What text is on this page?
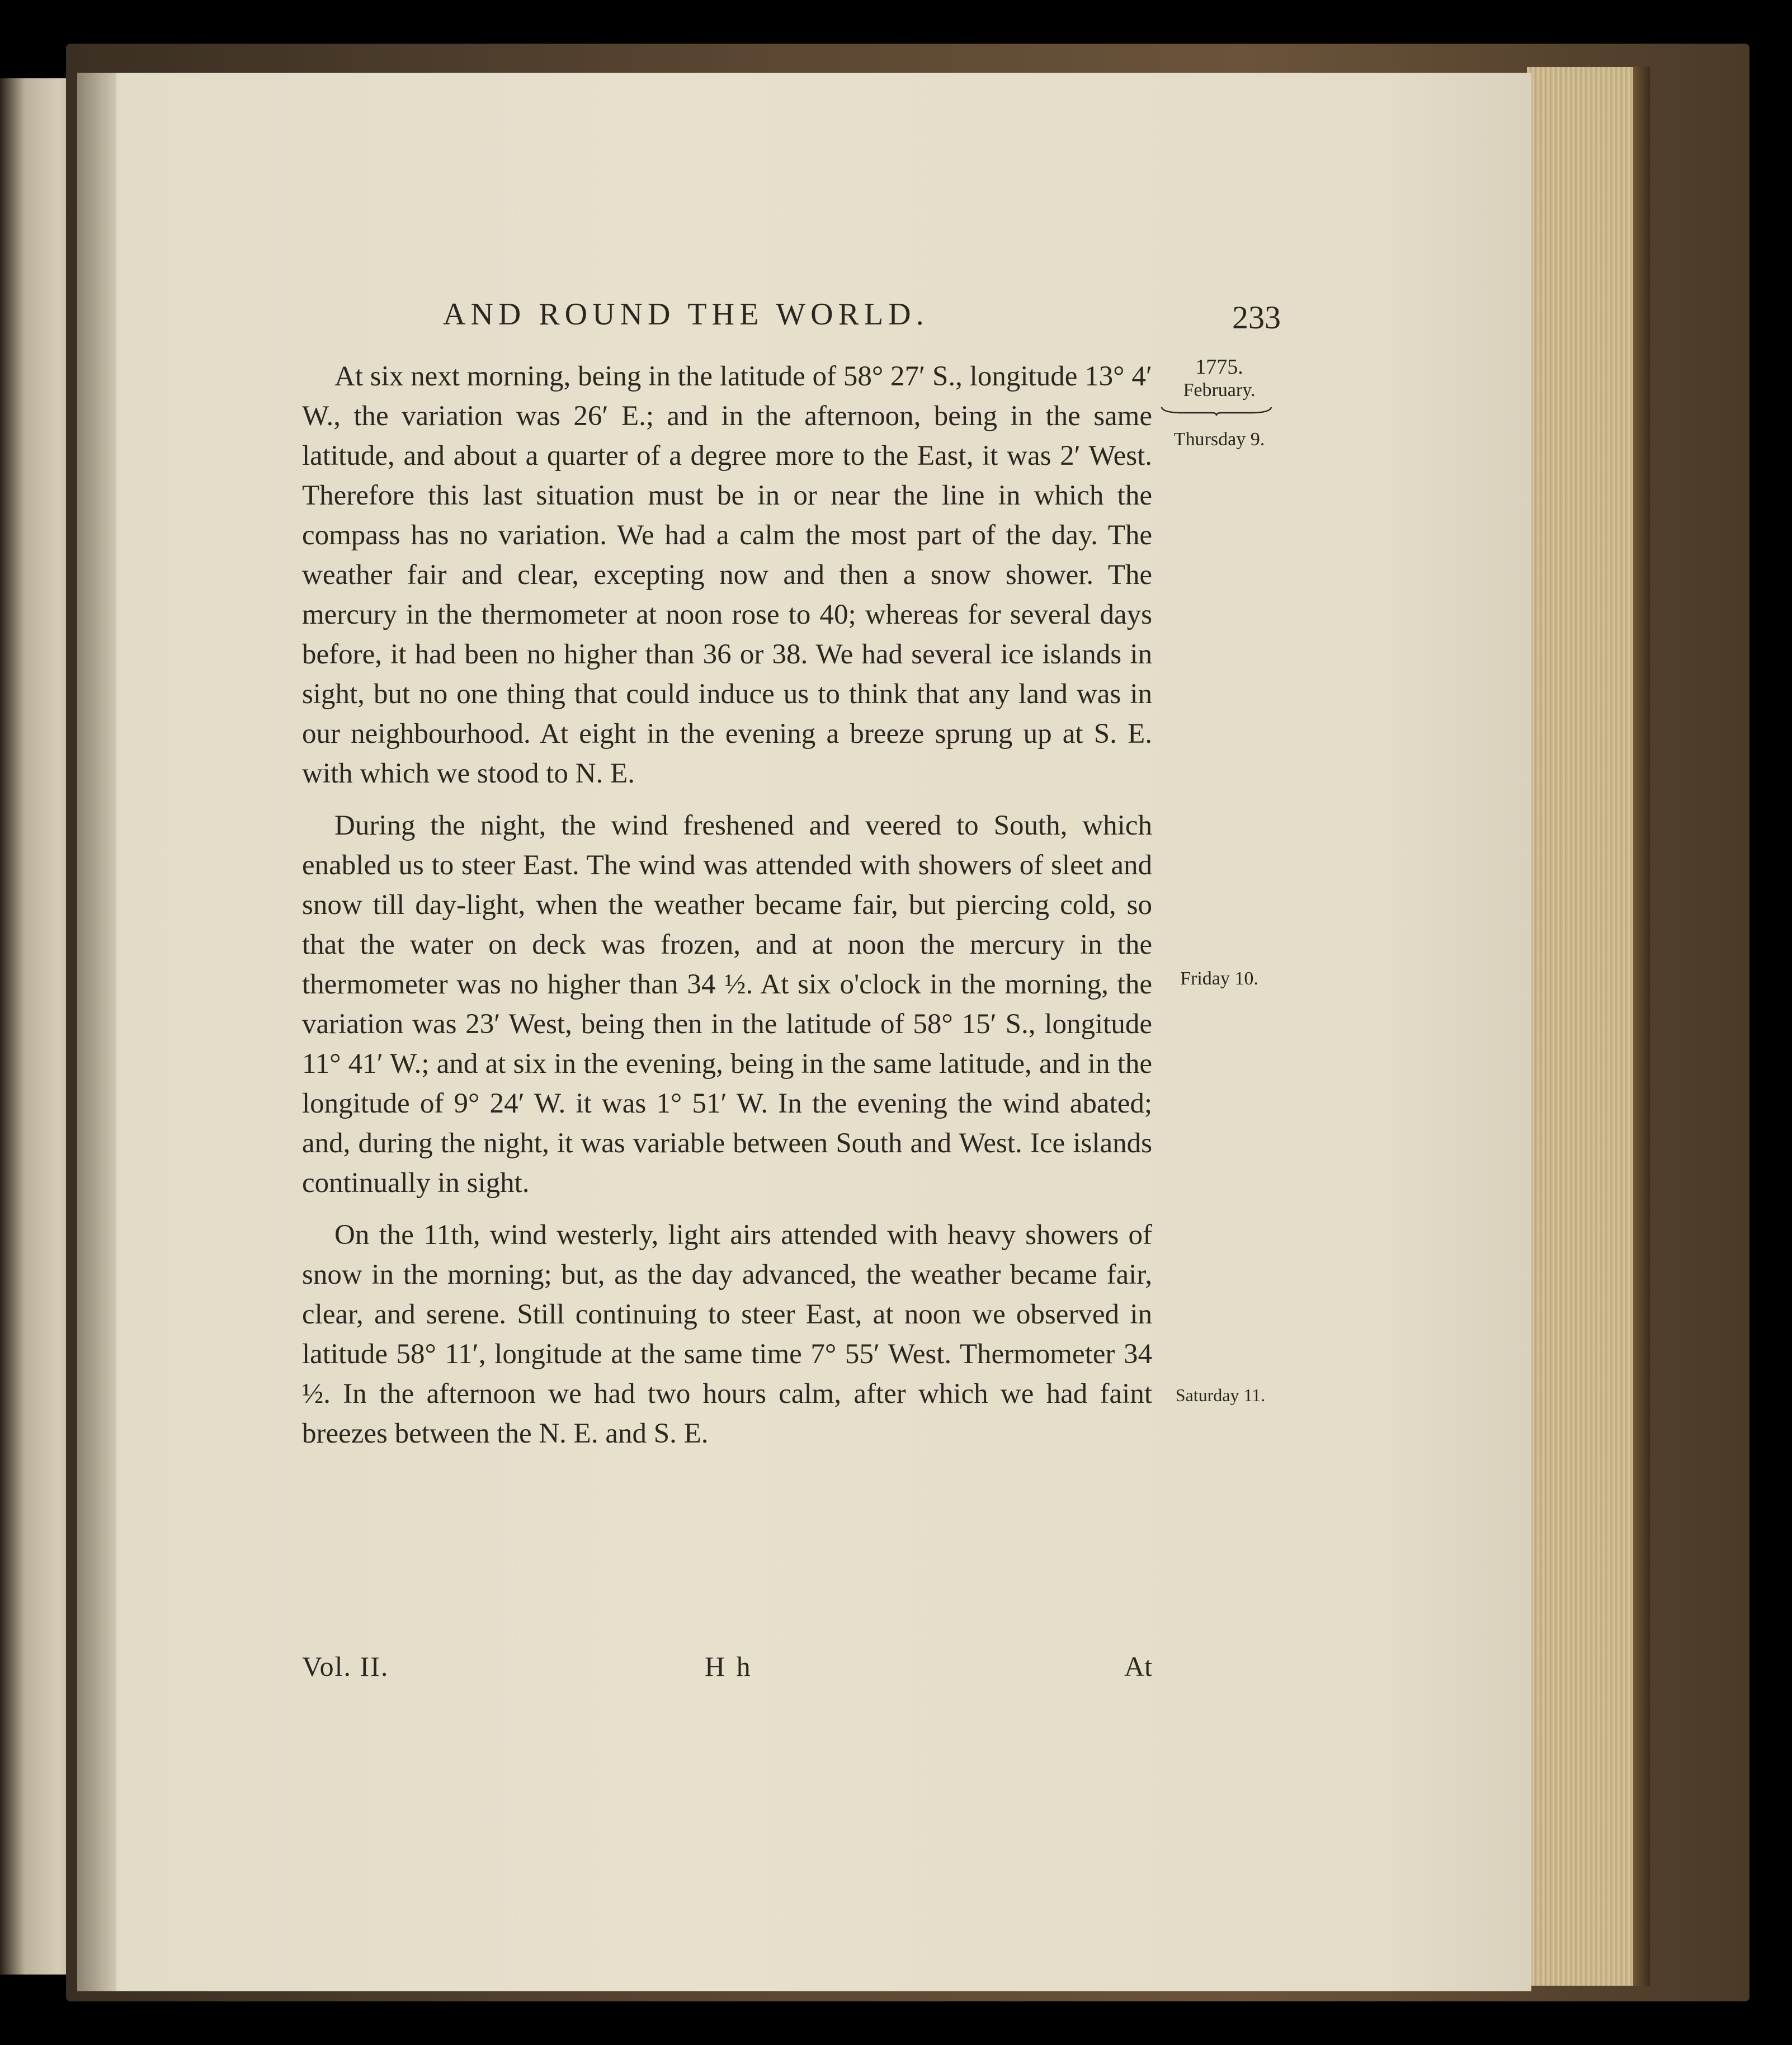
AND ROUND THE WORLD.	233

At six next morning, being in the latitude of 58° 27′ S., longitude 13° 4′ W., the variation was 26′ E.; and in the afternoon, being in the same latitude, and about a quarter of a degree more to the East, it was 2′ West. Therefore this last situation must be in or near the line in which the compass has no variation. We had a calm the most part of the day. The weather fair and clear, excepting now and then a snow shower. The mercury in the thermometer at noon rose to 40; whereas for several days before, it had been no higher than 36 or 38. We had several ice islands in sight, but no one thing that could induce us to think that any land was in our neighbourhood. At eight in the evening a breeze sprung up at S. E. with which we stood to N. E.

During the night, the wind freshened and veered to South, which enabled us to steer East. The wind was attended with showers of sleet and snow till day-light, when the weather became fair, but piercing cold, so that the water on deck was frozen, and at noon the mercury in the thermometer was no higher than 34 ½. At six o'clock in the morning, the variation was 23′ West, being then in the latitude of 58° 15′ S., longitude 11° 41′ W.; and at six in the evening, being in the same latitude, and in the longitude of 9° 24′ W. it was 1° 51′ W. In the evening the wind abated; and, during the night, it was variable between South and West. Ice islands continually in sight.

On the 11th, wind westerly, light airs attended with heavy showers of snow in the morning; but, as the day advanced, the weather became fair, clear, and serene. Still continuing to steer East, at noon we observed in latitude 58° 11′, longitude at the same time 7° 55′ West. Thermometer 34 ½. In the afternoon we had two hours calm, after which we had faint breezes between the N. E. and S. E.

1775.
February.
Thursday 9.
Friday 10.
Saturday 11.
Vol. II.	H h	At
